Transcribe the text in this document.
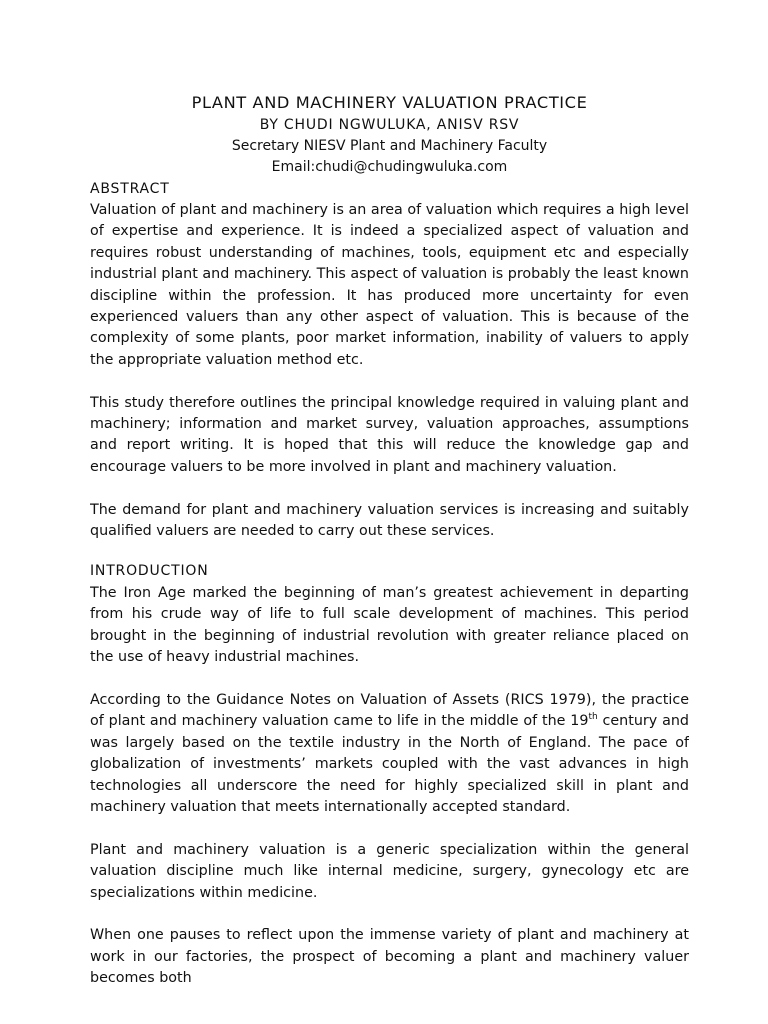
PLANT AND MACHINERY VALUATION PRACTICE
BY CHUDI NGWULUKA, ANISV RSV
Secretary NIESV Plant and Machinery Faculty
Email:chudi@chudingwuluka.com
ABSTRACT

Valuation of plant and machinery is an area of valuation which requires a high level of expertise and experience. It is indeed a specialized aspect of valuation and requires robust understanding of machines, tools, equipment etc and especially industrial plant and machinery. This aspect of valuation is probably the least known discipline within the profession. It has produced more uncertainty for even experienced valuers than any other aspect of valuation. This is because of the complexity of some plants, poor market information, inability of valuers to apply the appropriate valuation method etc.

This study therefore outlines the principal knowledge required in valuing plant and machinery; information and market survey, valuation approaches, assumptions and report writing. It is hoped that this will reduce the knowledge gap and encourage valuers to be more involved in plant and machinery valuation.

The demand for plant and machinery valuation services is increasing and suitably qualified valuers are needed to carry out these services.

INTRODUCTION

The Iron Age marked the beginning of man’s greatest achievement in departing from his crude way of life to full scale development of machines. This period brought in the beginning of industrial revolution with greater reliance placed on the use of heavy industrial machines.

According to the Guidance Notes on Valuation of Assets (RICS 1979), the practice of plant and machinery valuation came to life in the middle of the 19th century and was largely based on the textile industry in the North of England. The pace of globalization of investments’ markets coupled with the vast advances in high technologies all underscore the need for highly specialized skill in plant and machinery valuation that meets internationally accepted standard.

Plant and machinery valuation is a generic specialization within the general valuation discipline much like internal medicine, surgery, gynecology etc are specializations within medicine.

When one pauses to reflect upon the immense variety of plant and machinery at work in our factories, the prospect of becoming a plant and machinery valuer becomes both
